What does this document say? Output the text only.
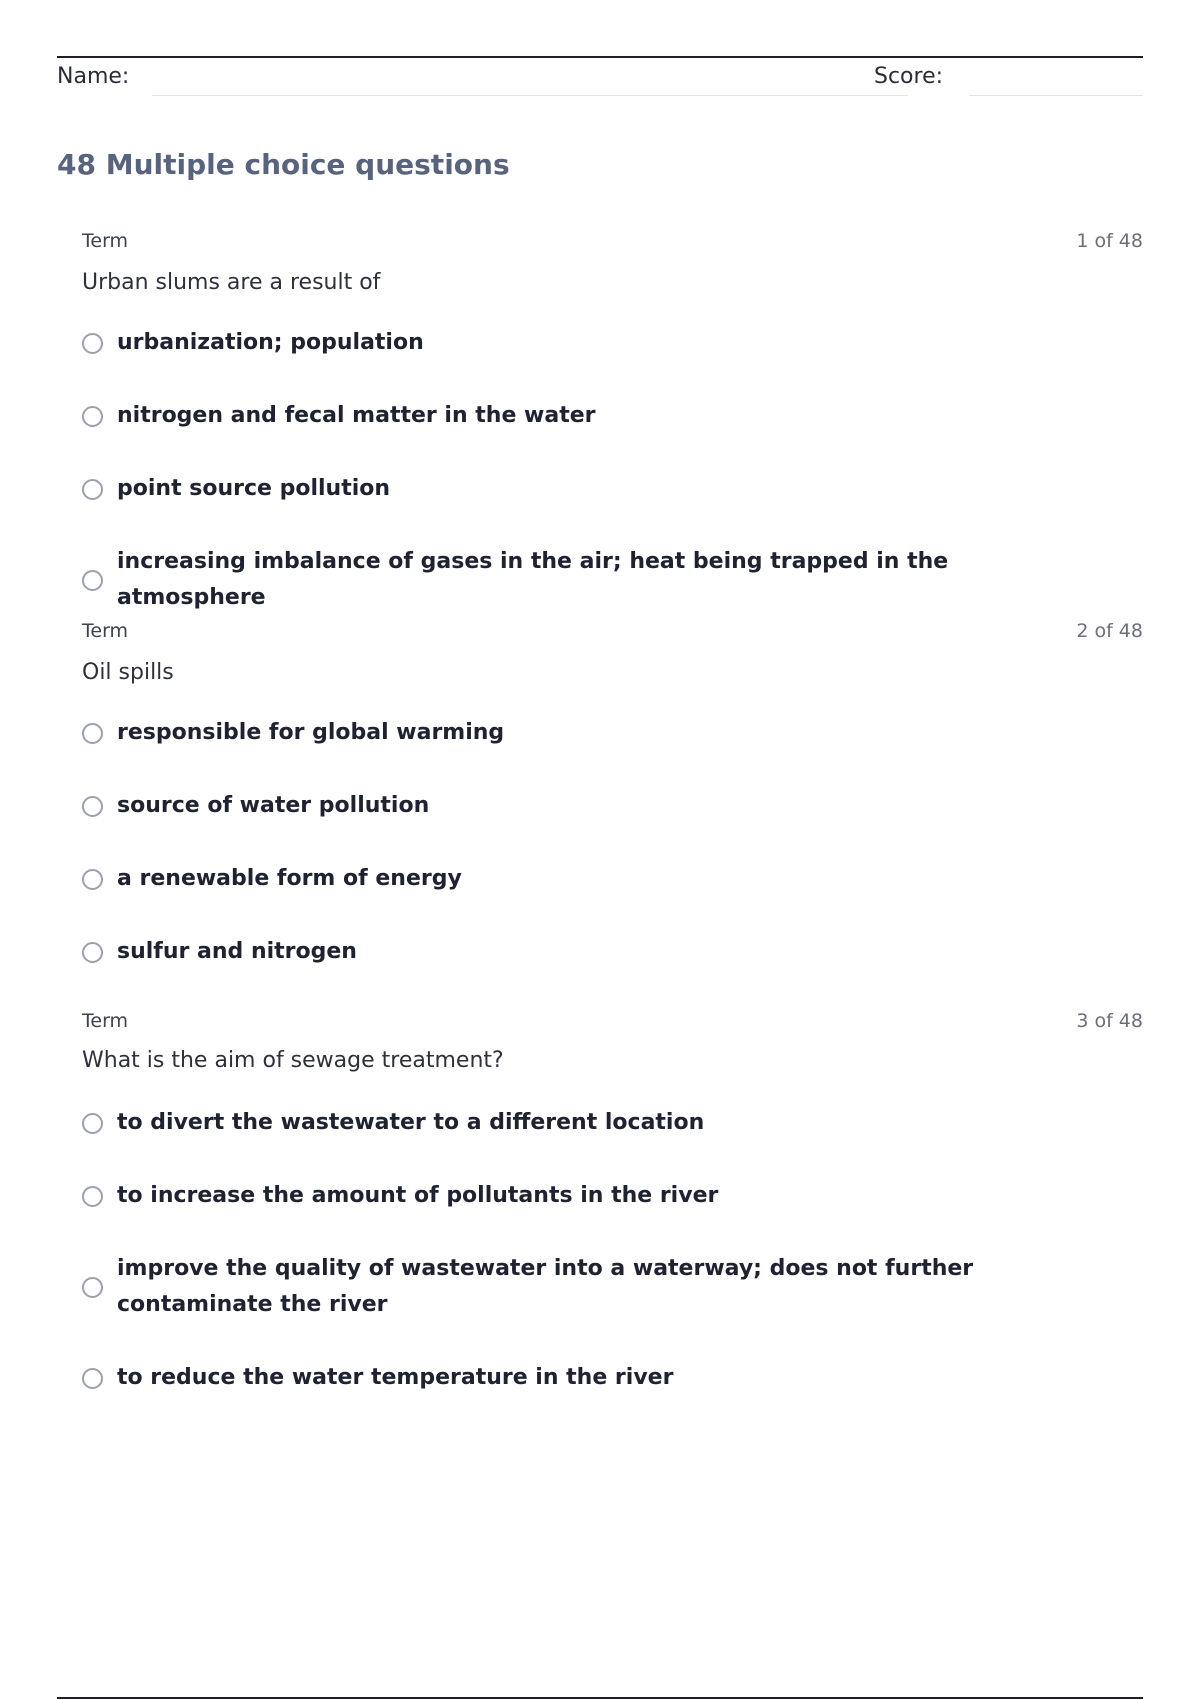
Name:	Score:
48 Multiple choice questions
Term	1 of 48
Urban slums are a result of
urbanization; population
nitrogen and fecal matter in the water
point source pollution
increasing imbalance of gases in the air; heat being trapped in the atmosphere
Term	2 of 48
Oil spills
responsible for global warming
source of water pollution
a renewable form of energy
sulfur and nitrogen
Term	3 of 48
What is the aim of sewage treatment?
to divert the wastewater to a different location
to increase the amount of pollutants in the river
improve the quality of wastewater into a waterway; does not further contaminate the river
to reduce the water temperature in the river
